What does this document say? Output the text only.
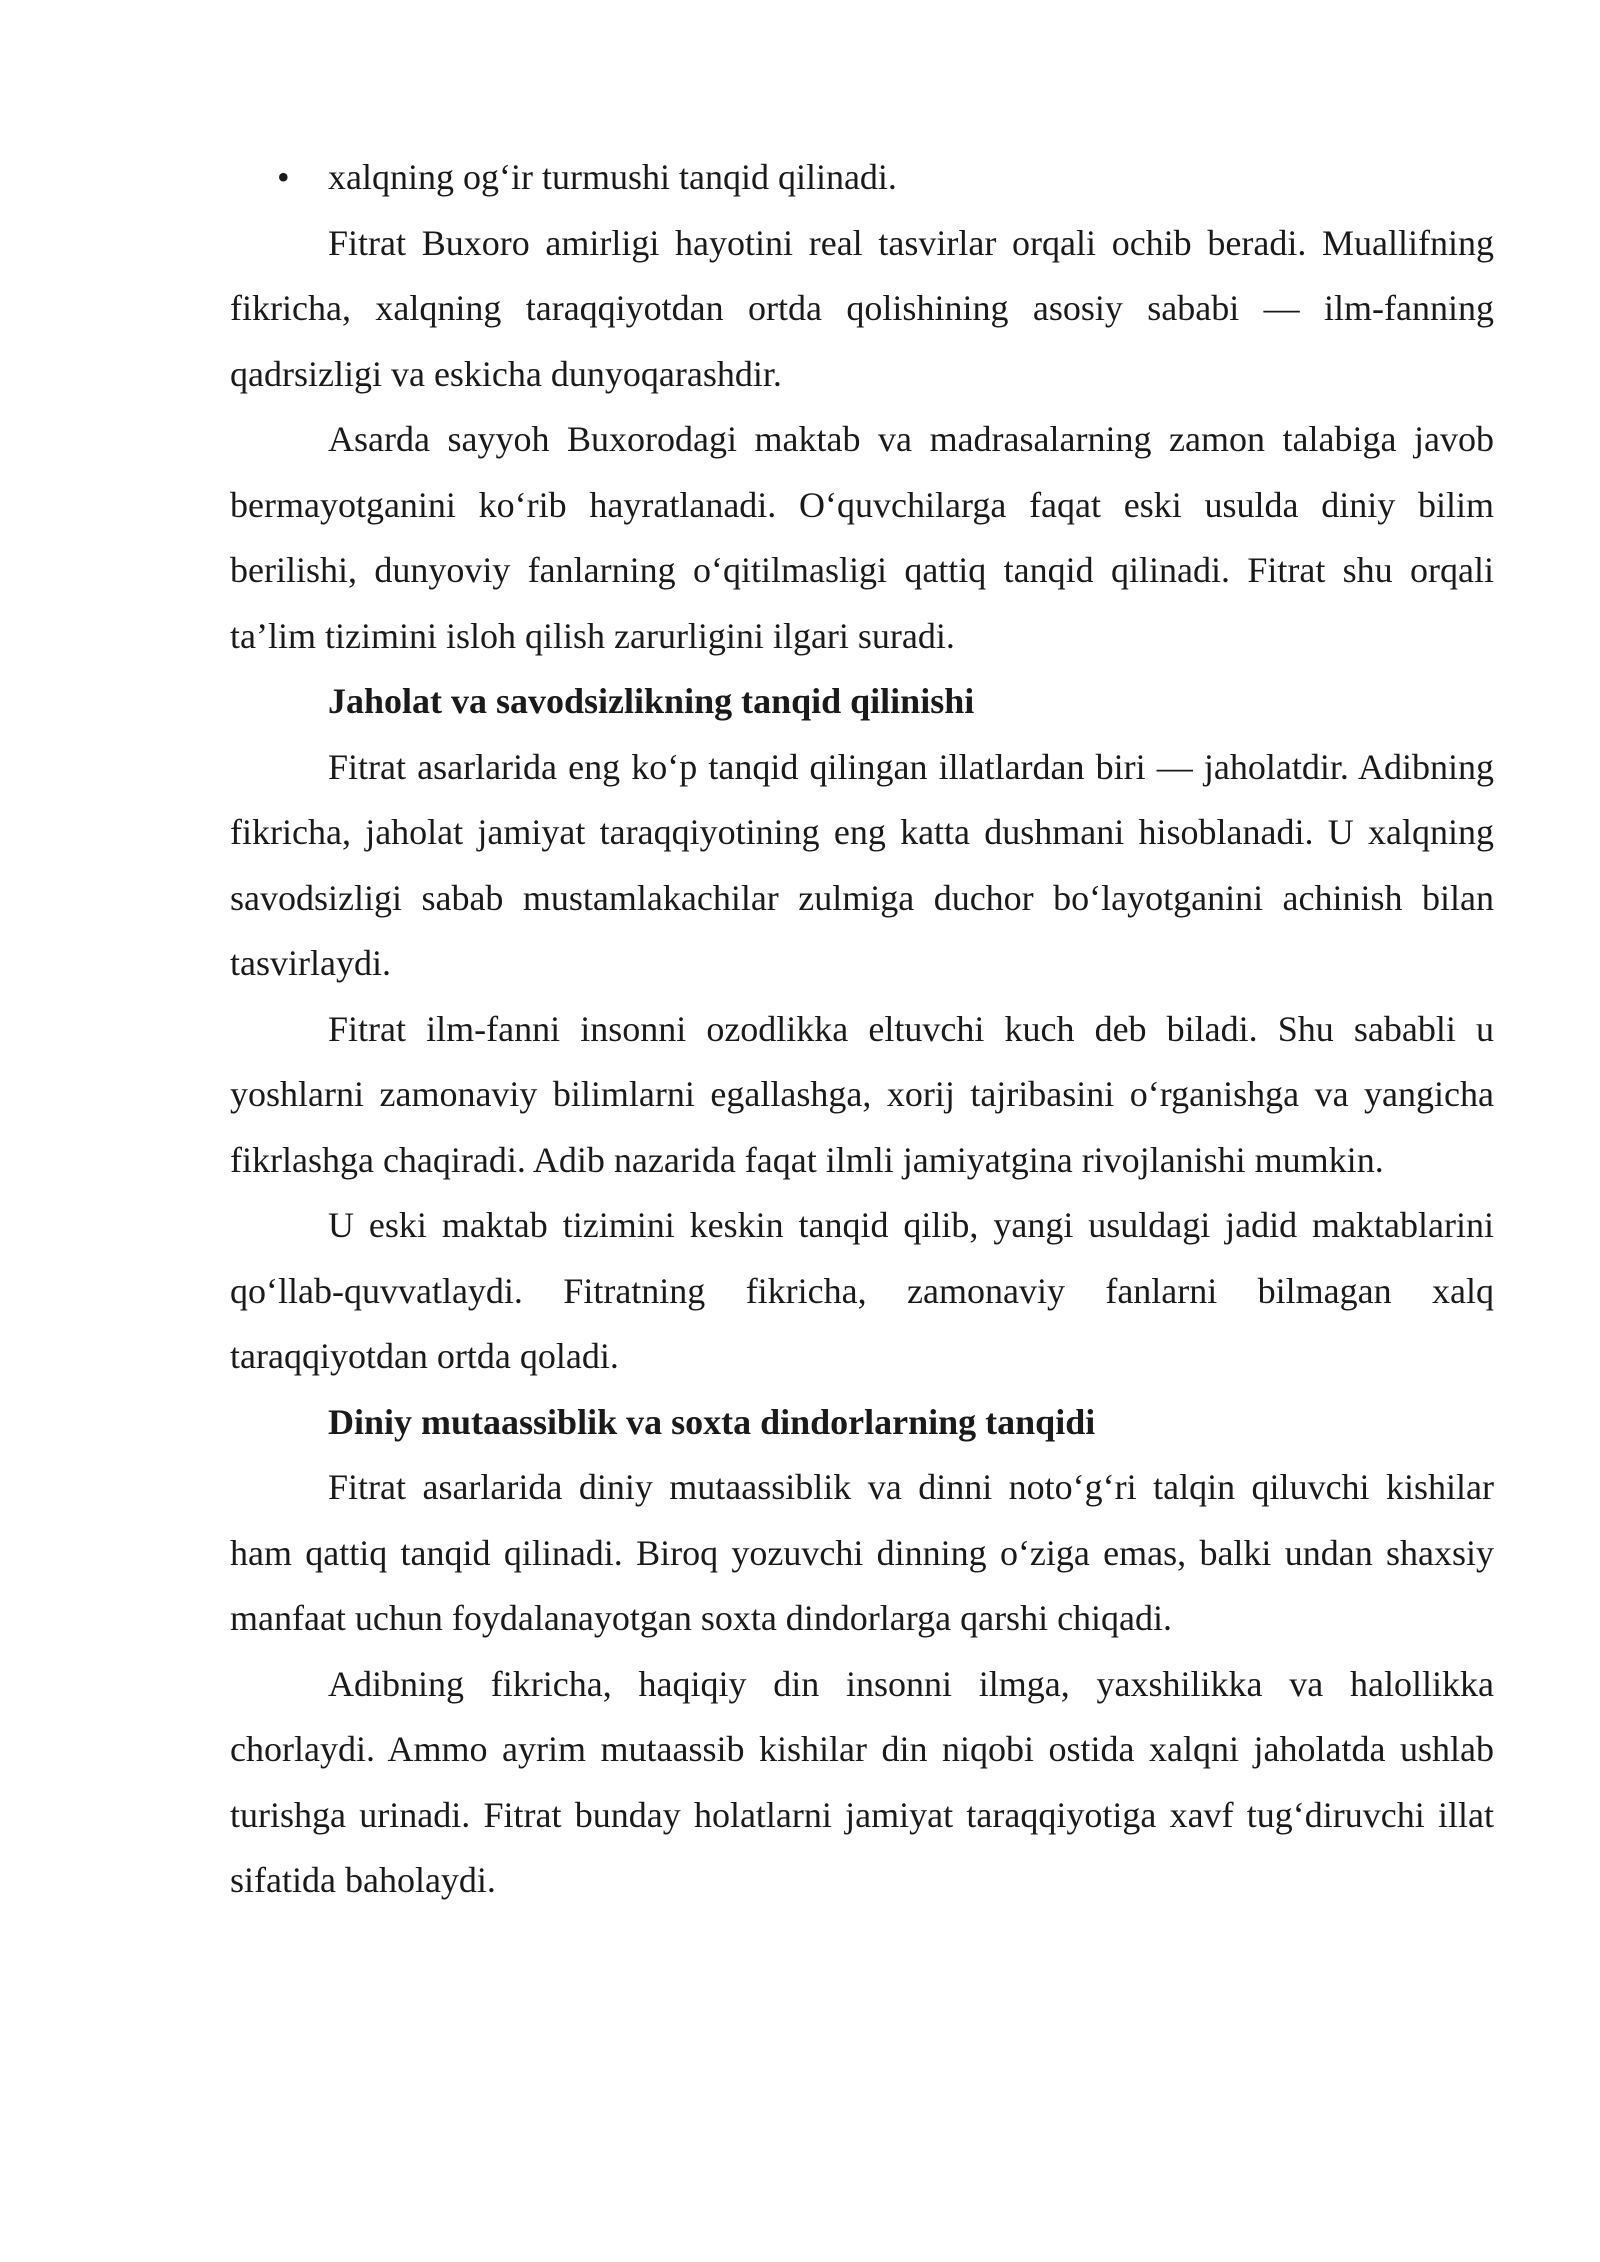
• xalqning og‘ir turmushi tanqid qilinadi.

Fitrat Buxoro amirligi hayotini real tasvirlar orqali ochib beradi. Muallifning fikricha, xalqning taraqqiyotdan ortda qolishining asosiy sababi — ilm-fanning qadrsizligi va eskicha dunyoqarashdir.

Asarda sayyoh Buxorodagi maktab va madrasalarning zamon talabiga javob bermayotganini ko‘rib hayratlanadi. O‘quvchilarga faqat eski usulda diniy bilim berilishi, dunyoviy fanlarning o‘qitilmasligi qattiq tanqid qilinadi. Fitrat shu orqali ta’lim tizimini isloh qilish zarurligini ilgari suradi.

Jaholat va savodsizlikning tanqid qilinishi

Fitrat asarlarida eng ko‘p tanqid qilingan illatlardan biri — jaholatdir. Adibning fikricha, jaholat jamiyat taraqqiyotining eng katta dushmani hisoblanadi. U xalqning savodsizligi sabab mustamlakachilar zulmiga duchor bo‘layotganini achinish bilan tasvirlaydi.

Fitrat ilm-fanni insonni ozodlikka eltuvchi kuch deb biladi. Shu sababli u yoshlarni zamonaviy bilimlarni egallashga, xorij tajribasini o‘rganishga va yangicha fikrlashga chaqiradi. Adib nazarida faqat ilmli jamiyatgina rivojlanishi mumkin.

U eski maktab tizimini keskin tanqid qilib, yangi usuldagi jadid maktablarini qo‘llab-quvvatlaydi. Fitratning fikricha, zamonaviy fanlarni bilmagan xalq taraqqiyotdan ortda qoladi.

Diniy mutaassiblik va soxta dindorlarning tanqidi

Fitrat asarlarida diniy mutaassiblik va dinni noto‘g‘ri talqin qiluvchi kishilar ham qattiq tanqid qilinadi. Biroq yozuvchi dinning o‘ziga emas, balki undan shaxsiy manfaat uchun foydalanayotgan soxta dindorlarga qarshi chiqadi.

Adibning fikricha, haqiqiy din insonni ilmga, yaxshilikka va halollikka chorlaydi. Ammo ayrim mutaassib kishilar din niqobi ostida xalqni jaholatda ushlab turishga urinadi. Fitrat bunday holatlarni jamiyat taraqqiyotiga xavf tug‘diruvchi illat sifatida baholaydi.
